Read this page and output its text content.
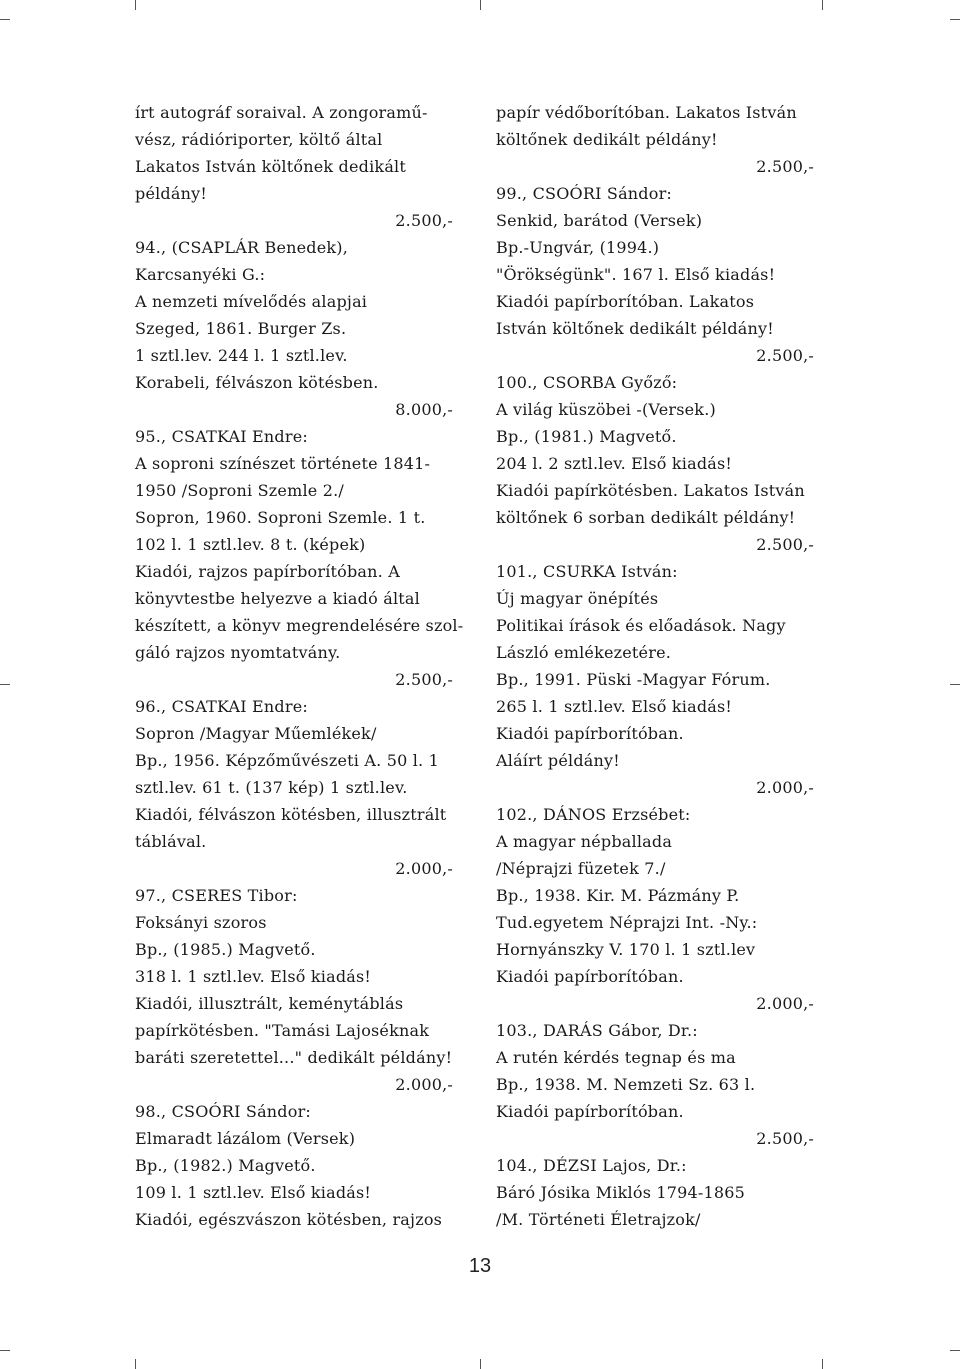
írt autográf soraival. A zongoramű-
vész, rádióriporter, költő által
Lakatos István költőnek dedikált
példány!
2.500,-
94., (CSAPLÁR Benedek),
Karcsanyéki G.:
A nemzeti mívelődés alapjai
Szeged, 1861. Burger Zs.
1 sztl.lev. 244 l. 1 sztl.lev.
Korabeli, félvászon kötésben.
8.000,-
95., CSATKAI Endre:
A soproni színészet története 1841-
1950 /Soproni Szemle 2./
Sopron, 1960. Soproni Szemle. 1 t.
102 l. 1 sztl.lev. 8 t. (képek)
Kiadói, rajzos papírborítóban. A
könyvtestbe helyezve a kiadó által
készített, a könyv megrendelésére szol-
gáló rajzos nyomtatvány.
2.500,-
96., CSATKAI Endre:
Sopron /Magyar Műemlékek/
Bp., 1956. Képzőművészeti A. 50 l. 1
sztl.lev. 61 t. (137 kép) 1 sztl.lev.
Kiadói, félvászon kötésben, illusztrált
táblával.
2.000,-
97., CSERES Tibor:
Foksányi szoros
Bp., (1985.) Magvető.
318 l. 1 sztl.lev. Első kiadás!
Kiadói, illusztrált, keménytáblás
papírkötésben. "Tamási Lajoséknak
baráti szeretettel..." dedikált példány!
2.000,-
98., CSOÓRI Sándor:
Elmaradt lázálom (Versek)
Bp., (1982.) Magvető.
109 l. 1 sztl.lev. Első kiadás!
Kiadói, egészvászon kötésben, rajzos
papír védőborítóban. Lakatos István
költőnek dedikált példány!
2.500,-
99., CSOÓRI Sándor:
Senkid, barátod (Versek)
Bp.-Ungvár, (1994.)
"Örökségünk". 167 l. Első kiadás!
Kiadói papírborítóban. Lakatos
István költőnek dedikált példány!
2.500,-
100., CSORBA Győző:
A világ küszöbei -(Versek.)
Bp., (1981.) Magvető.
204 l. 2 sztl.lev. Első kiadás!
Kiadói papírkötésben. Lakatos István
költőnek 6 sorban dedikált példány!
2.500,-
101., CSURKA István:
Új magyar önépítés
Politikai írások és előadások. Nagy
László emlékezetére.
Bp., 1991. Püski -Magyar Fórum.
265 l. 1 sztl.lev. Első kiadás!
Kiadói papírborítóban.
Aláírt példány!
2.000,-
102., DÁNOS Erzsébet:
A magyar népballada
/Néprajzi füzetek 7./
Bp., 1938. Kir. M. Pázmány P.
Tud.egyetem Néprajzi Int. -Ny.:
Hornyánszky V. 170 l. 1 sztl.lev
Kiadói papírborítóban.
2.000,-
103., DARÁS Gábor, Dr.:
A rutén kérdés tegnap és ma
Bp., 1938. M. Nemzeti Sz. 63 l.
Kiadói papírborítóban.
2.500,-
104., DÉZSI Lajos, Dr.:
Báró Jósika Miklós 1794-1865
/M. Történeti Életrajzok/
13
